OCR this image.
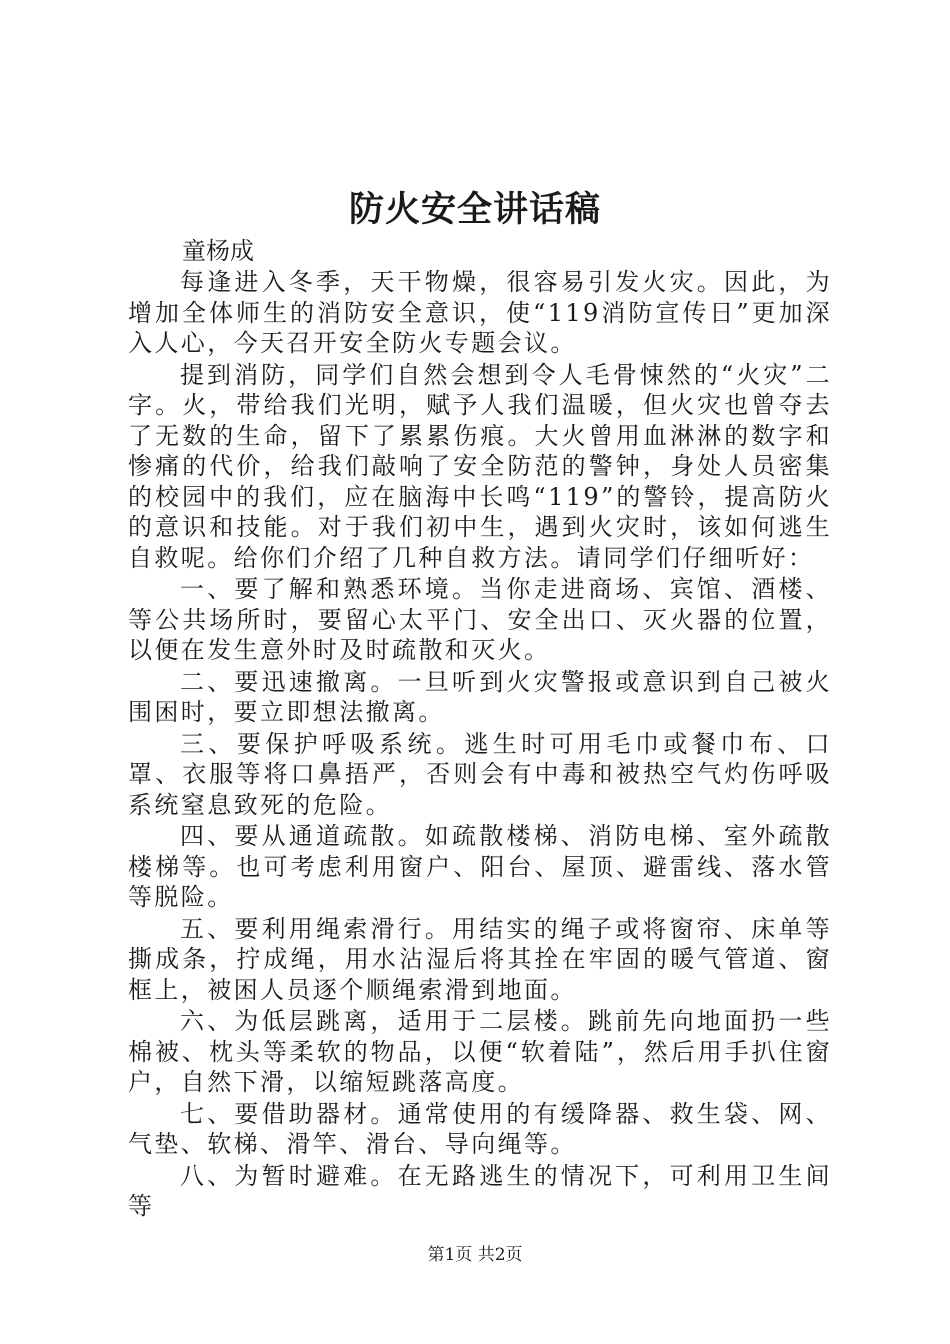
防火安全讲话稿

童杨成

每逢进入冬季，天干物燥，很容易引发火灾。因此，为增加全体师生的消防安全意识，使“119消防宣传日”更加深入人心，今天召开安全防火专题会议。

提到消防，同学们自然会想到令人毛骨悚然的“火灾”二字。火，带给我们光明，赋予人我们温暖，但火灾也曾夺去了无数的生命，留下了累累伤痕。大火曾用血淋淋的数字和惨痛的代价，给我们敲响了安全防范的警钟，身处人员密集的校园中的我们，应在脑海中长鸣“119”的警铃，提高防火的意识和技能。对于我们初中生，遇到火灾时，该如何逃生自救呢。给你们介绍了几种自救方法。请同学们仔细听好：

一、要了解和熟悉环境。当你走进商场、宾馆、酒楼、等公共场所时，要留心太平门、安全出口、灭火器的位置，以便在发生意外时及时疏散和灭火。

二、要迅速撤离。一旦听到火灾警报或意识到自己被火围困时，要立即想法撤离。

三、要保护呼吸系统。逃生时可用毛巾或餐巾布、口罩、衣服等将口鼻捂严，否则会有中毒和被热空气灼伤呼吸系统窒息致死的危险。

四、要从通道疏散。如疏散楼梯、消防电梯、室外疏散楼梯等。也可考虑利用窗户、阳台、屋顶、避雷线、落水管等脱险。

五、要利用绳索滑行。用结实的绳子或将窗帘、床单等撕成条，拧成绳，用水沾湿后将其拴在牢固的暖气管道、窗框上，被困人员逐个顺绳索滑到地面。

六、为低层跳离，适用于二层楼。跳前先向地面扔一些棉被、枕头等柔软的物品，以便“软着陆”，然后用手扒住窗户，自然下滑，以缩短跳落高度。

七、要借助器材。通常使用的有缓降器、救生袋、网、气垫、软梯、滑竿、滑台、导向绳等。

八、为暂时避难。在无路逃生的情况下，可利用卫生间等

第1页 共2页
